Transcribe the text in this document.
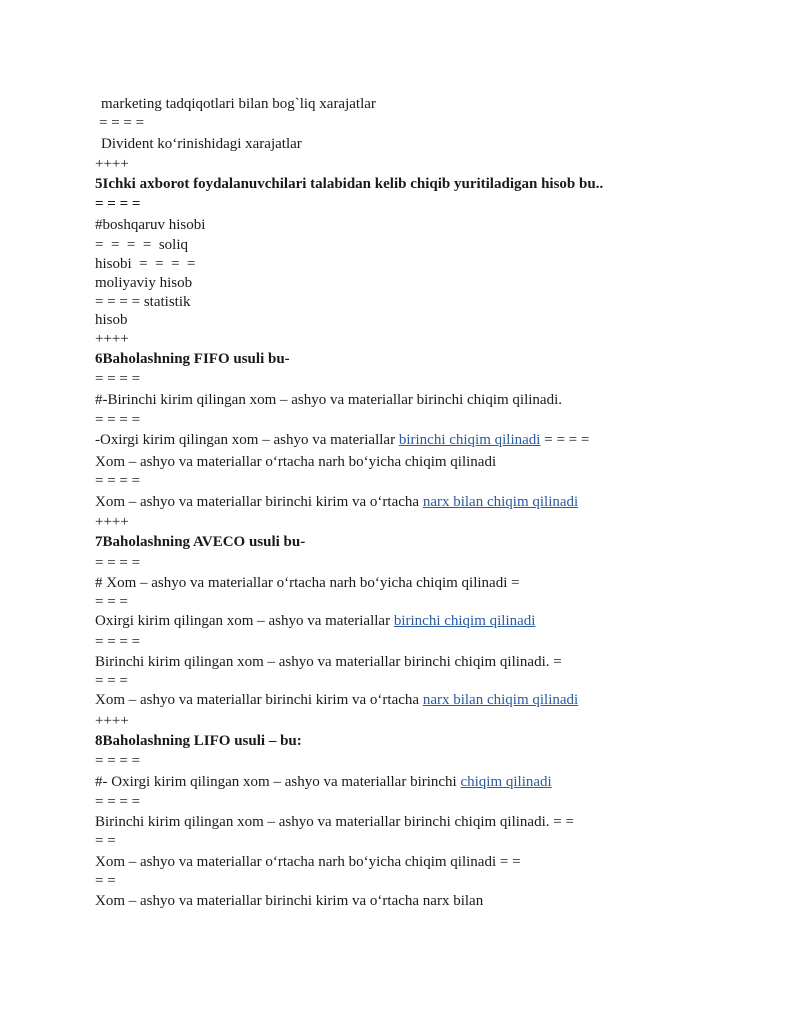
marketing tadqiqotlari bilan bog`liq xarajatlar
= = = =
Divident ko‘rinishidagi xarajatlar
++++
5Ichki axborot foydalanuvchilari talabidan kelib chiqib yuritiladigan hisob bu..
= = = =
#boshqaruv hisobi
=  =  =  =  soliq
hisobi  =  =  =  =
moliyaviy hisob
= = = = statistik
hisob
++++
6Baholashning FIFO usuli bu-
= = = =
#-Birinchi kirim qilingan xom – ashyo va materiallar birinchi chiqim qilinadi.
= = = =
-Oxirgi kirim qilingan xom – ashyo va materiallar birinchi chiqim qilinadi = = = =
Xom – ashyo va materiallar o‘rtacha narh bo‘yicha chiqim qilinadi
= = = =
Xom – ashyo va materiallar birinchi kirim va o‘rtacha narx bilan chiqim qilinadi
++++
7Baholashning AVECO usuli bu-
= = = =
# Xom – ashyo va materiallar o‘rtacha narh bo‘yicha chiqim qilinadi =
= = =
Oxirgi kirim qilingan xom – ashyo va materiallar birinchi chiqim qilinadi
= = = =
Birinchi kirim qilingan xom – ashyo va materiallar birinchi chiqim qilinadi. =
= = =
Xom – ashyo va materiallar birinchi kirim va o‘rtacha narx bilan chiqim qilinadi
++++
8Baholashning LIFO usuli – bu:
= = = =
#- Oxirgi kirim qilingan xom – ashyo va materiallar birinchi chiqim qilinadi
= = = =
Birinchi kirim qilingan xom – ashyo va materiallar birinchi chiqim qilinadi. = =
= =
Xom – ashyo va materiallar o‘rtacha narh bo‘yicha chiqim qilinadi = =
= =
Xom – ashyo va materiallar birinchi kirim va o‘rtacha narx bilan
